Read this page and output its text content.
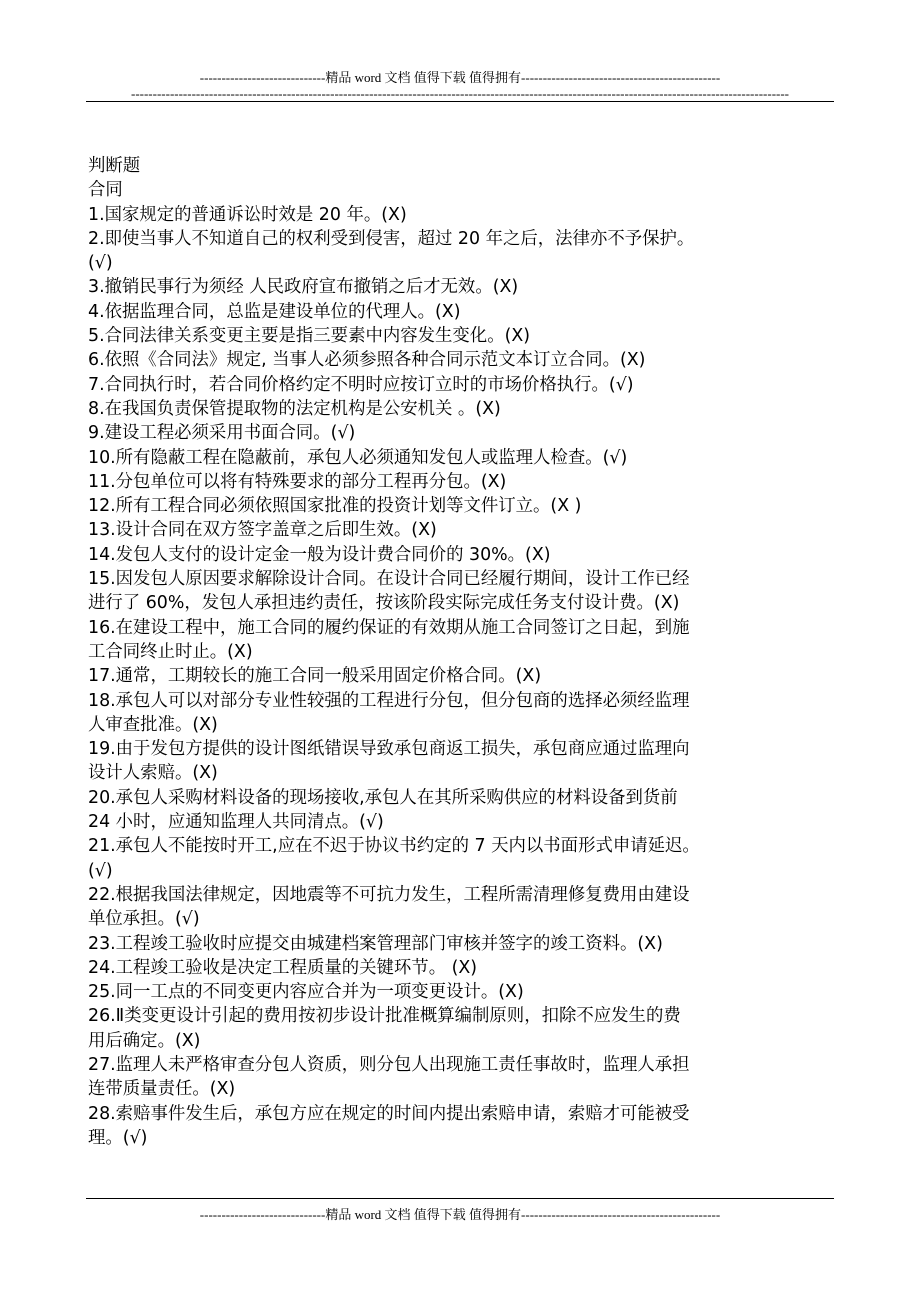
-----------------------------精品 word 文档 值得下载 值得拥有----------------------------------------------
--------------------------------------------------------------------------------------------------------------------------------------------------------
判断题
合同
1.国家规定的普通诉讼时效是 20 年。(X)
2.即使当事人不知道自己的权利受到侵害，超过 20 年之后，法律亦不予保护。
(√)
3.撤销民事行为须经 人民政府宣布撤销之后才无效。(X)
4.依据监理合同，总监是建设单位的代理人。(X)
5.合同法律关系变更主要是指三要素中内容发生变化。(X)
6.依照《合同法》规定, 当事人必须参照各种合同示范文本订立合同。(X)
7.合同执行时，若合同价格约定不明时应按订立时的市场价格执行。(√)
8.在我国负责保管提取物的法定机构是公安机关 。(X)
9.建设工程必须采用书面合同。(√)
10.所有隐蔽工程在隐蔽前，承包人必须通知发包人或监理人检查。(√)
11.分包单位可以将有特殊要求的部分工程再分包。(X)
12.所有工程合同必须依照国家批准的投资计划等文件订立。(X )
13.设计合同在双方签字盖章之后即生效。(X)
14.发包人支付的设计定金一般为设计费合同价的 30%。(X)
15.因发包人原因要求解除设计合同。在设计合同已经履行期间，设计工作已经
进行了 60%，发包人承担违约责任，按该阶段实际完成任务支付设计费。(X)
16.在建设工程中，施工合同的履约保证的有效期从施工合同签订之日起，到施
工合同终止时止。(X)
17.通常，工期较长的施工合同一般采用固定价格合同。(X)
18.承包人可以对部分专业性较强的工程进行分包，但分包商的选择必须经监理
人审查批准。(X)
19.由于发包方提供的设计图纸错误导致承包商返工损失，承包商应通过监理向
设计人索赔。(X)
20.承包人采购材料设备的现场接收,承包人在其所采购供应的材料设备到货前
24 小时，应通知监理人共同清点。(√)
21.承包人不能按时开工,应在不迟于协议书约定的 7 天内以书面形式申请延迟。
(√)
22.根据我国法律规定，因地震等不可抗力发生，工程所需清理修复费用由建设
单位承担。(√)
23.工程竣工验收时应提交由城建档案管理部门审核并签字的竣工资料。(X)
24.工程竣工验收是决定工程质量的关键环节。 (X)
25.同一工点的不同变更内容应合并为一项变更设计。(X)
26.Ⅱ类变更设计引起的费用按初步设计批准概算编制原则，扣除不应发生的费
用后确定。(X)
27.监理人未严格审查分包人资质，则分包人出现施工责任事故时，监理人承担
连带质量责任。(X)
28.索赔事件发生后，承包方应在规定的时间内提出索赔申请，索赔才可能被受
理。(√)
-----------------------------精品 word 文档 值得下载 值得拥有----------------------------------------------
